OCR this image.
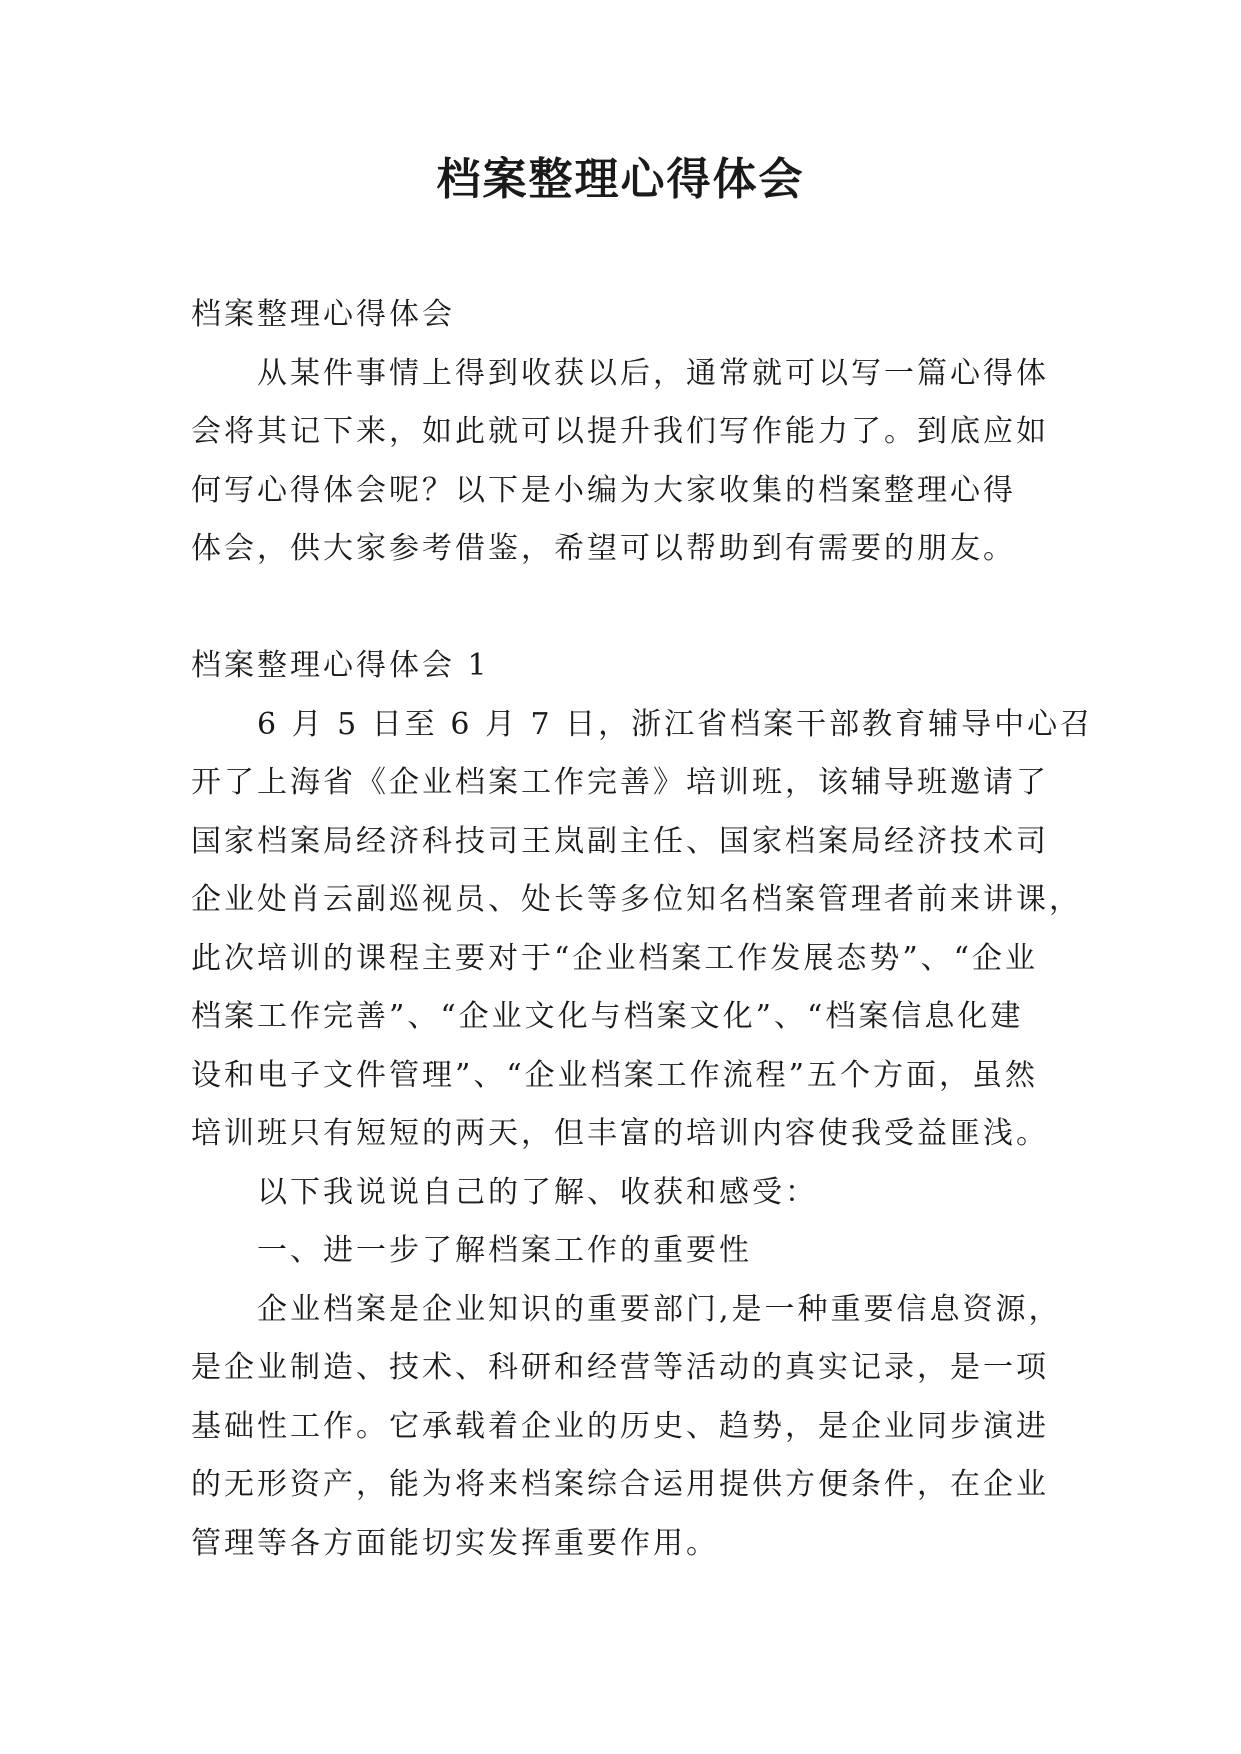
档案整理心得体会
档案整理心得体会
从某件事情上得到收获以后，通常就可以写一篇心得体
会将其记下来，如此就可以提升我们写作能力了。到底应如
何写心得体会呢？以下是小编为大家收集的档案整理心得
体会，供大家参考借鉴，希望可以帮助到有需要的朋友。
档案整理心得体会 1
6 月 5 日至 6 月 7 日，浙江省档案干部教育辅导中心召
开了上海省《企业档案工作完善》培训班，该辅导班邀请了
国家档案局经济科技司王岚副主任、国家档案局经济技术司
企业处肖云副巡视员、处长等多位知名档案管理者前来讲课，
此次培训的课程主要对于“企业档案工作发展态势”、“企业
档案工作完善”、“企业文化与档案文化”、“档案信息化建
设和电子文件管理”、“企业档案工作流程”五个方面，虽然
培训班只有短短的两天，但丰富的培训内容使我受益匪浅。
以下我说说自己的了解、收获和感受：
一、进一步了解档案工作的重要性
企业档案是企业知识的重要部门,是一种重要信息资源，
是企业制造、技术、科研和经营等活动的真实记录，是一项
基础性工作。它承载着企业的历史、趋势，是企业同步演进
的无形资产，能为将来档案综合运用提供方便条件，在企业
管理等各方面能切实发挥重要作用。
